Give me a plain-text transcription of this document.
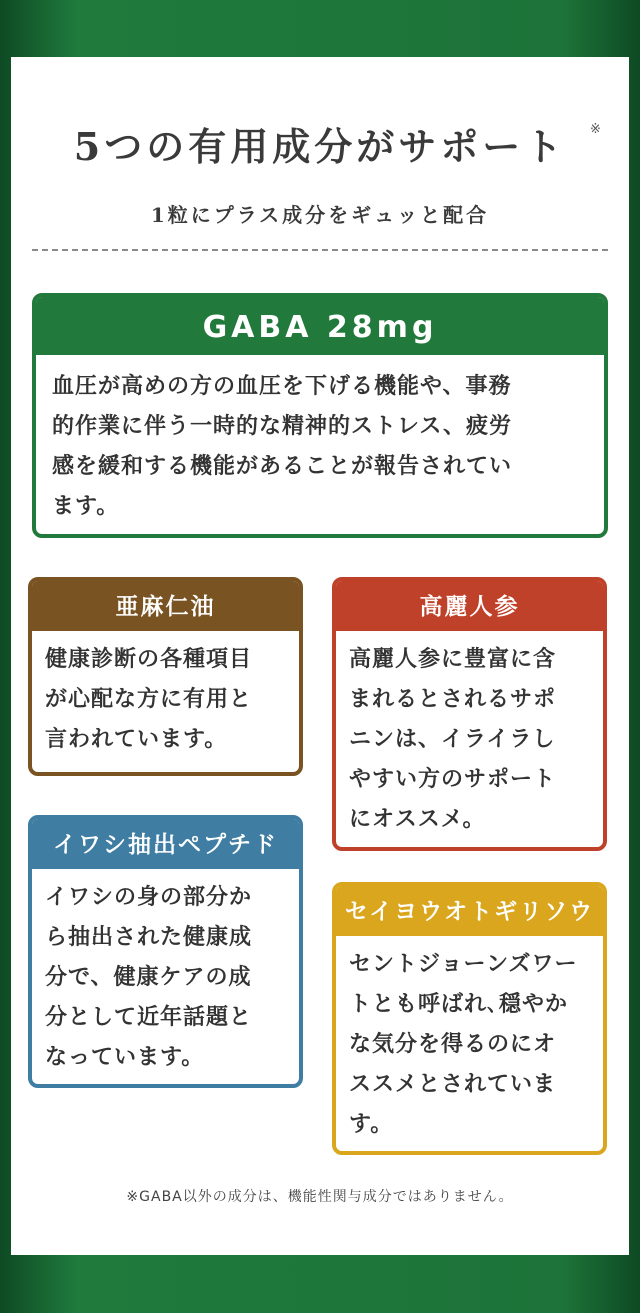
5つの有用成分がサポート	※
1粒にプラス成分をギュッと配合
GABA 28mg
血圧が高めの方の血圧を下げる機能や、事務
的作業に伴う一時的な精神的ストレス、疲労
感を緩和する機能があることが報告されてい
ます。
亜麻仁油
健康診断の各種項目
が心配な方に有用と
言われています。
高麗人参
高麗人参に豊富に含
まれるとされるサポ
ニンは、イライラし
やすい方のサポート
にオススメ。
イワシ抽出ペプチド
イワシの身の部分か
ら抽出された健康成
分で、健康ケアの成
分として近年話題と
なっています。
セイヨウオトギリソウ
セントジョーンズワー
トとも呼ばれ､穏やか
な気分を得るのにオ
ススメとされていま
す。
※GABA以外の成分は、機能性関与成分ではありません。
